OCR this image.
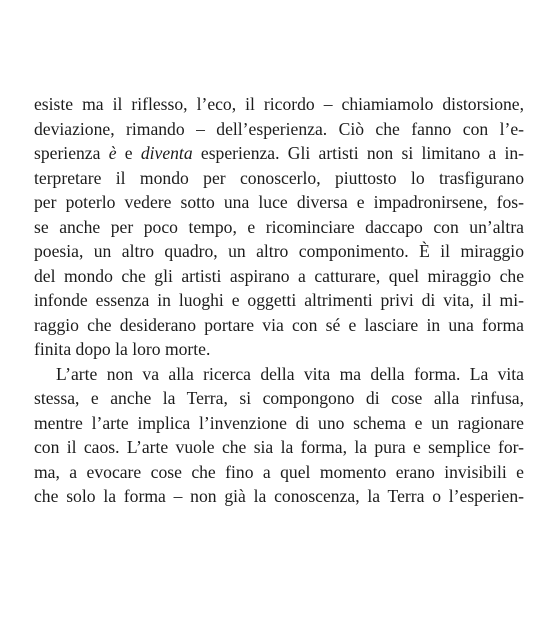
esiste ma il riflesso, l’eco, il ricordo – chiamiamolo distorsione,
deviazione, rimando – dell’esperienza. Ciò che fanno con l’e-
sperienza è e diventa esperienza. Gli artisti non si limitano a in-
terpretare il mondo per conoscerlo, piuttosto lo trasfigurano
per poterlo vedere sotto una luce diversa e impadronirsene, fos-
se anche per poco tempo, e ricominciare daccapo con un’altra
poesia, un altro quadro, un altro componimento. È il miraggio
del mondo che gli artisti aspirano a catturare, quel miraggio che
infonde essenza in luoghi e oggetti altrimenti privi di vita, il mi-
raggio che desiderano portare via con sé e lasciare in una forma
finita dopo la loro morte.
L’arte non va alla ricerca della vita ma della forma. La vita
stessa, e anche la Terra, si compongono di cose alla rinfusa,
mentre l’arte implica l’invenzione di uno schema e un ragionare
con il caos. L’arte vuole che sia la forma, la pura e semplice for-
ma, a evocare cose che fino a quel momento erano invisibili e
che solo la forma – non già la conoscenza, la Terra o l’esperien-
